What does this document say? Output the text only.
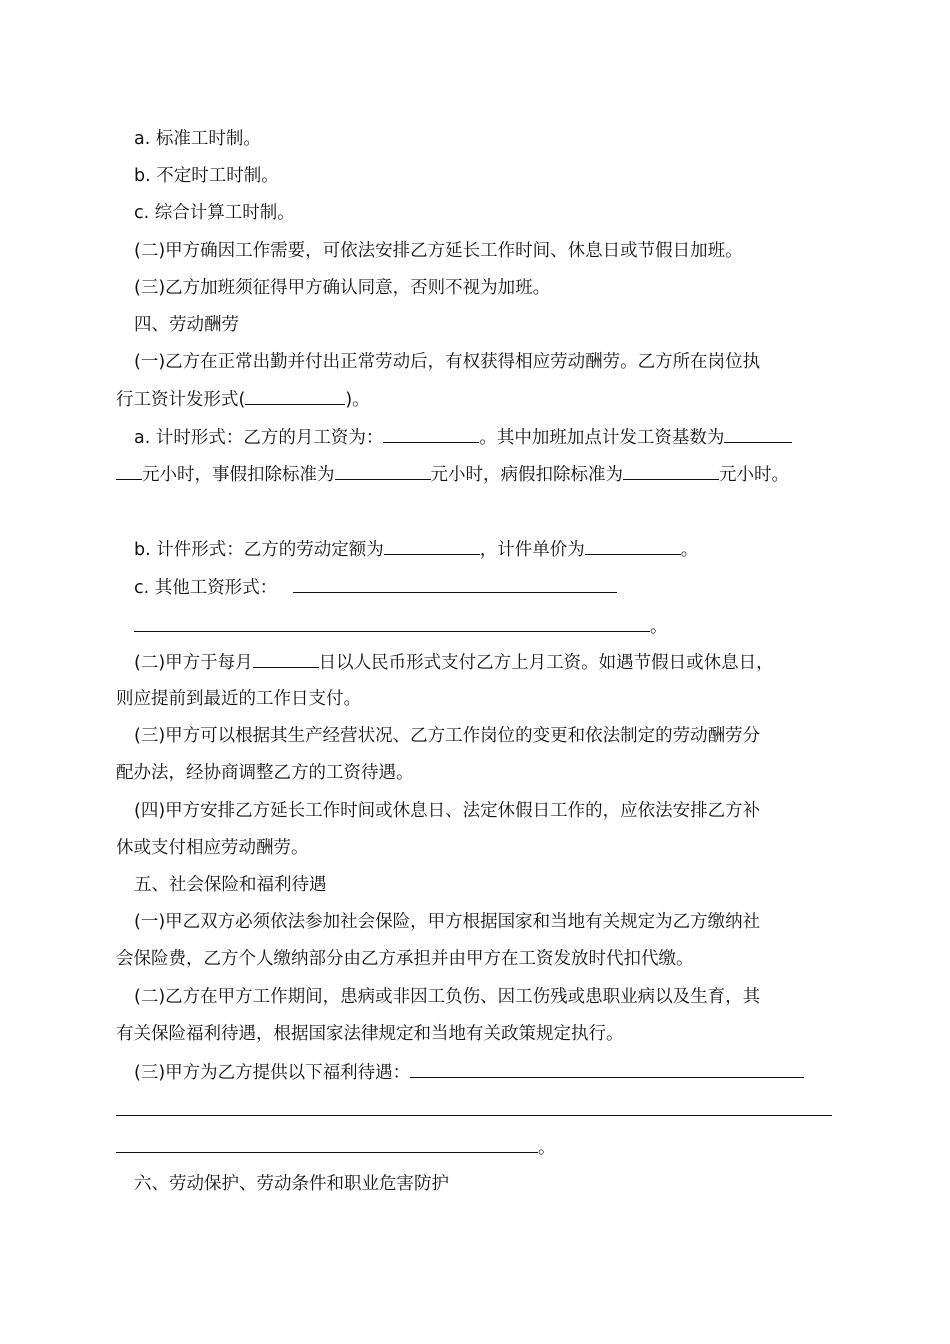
a. 标准工时制。
b. 不定时工时制。
c. 综合计算工时制。
(二)甲方确因工作需要，可依法安排乙方延长工作时间、休息日或节假日加班。
(三)乙方加班须征得甲方确认同意，否则不视为加班。
四、劳动酬劳
(一)乙方在正常出勤并付出正常劳动后，有权获得相应劳动酬劳。乙方所在岗位执
行工资计发形式(	)。
a. 计时形式：乙方的月工资为：	。其中加班加点计发工资基数为
元小时，事假扣除标准为	元小时，病假扣除标准为	元小时。
b. 计件形式：乙方的劳动定额为	，计件单价为	。
c. 其他工资形式：
。
(二)甲方于每月	日以人民币形式支付乙方上月工资。如遇节假日或休息日，
则应提前到最近的工作日支付。
(三)甲方可以根据其生产经营状况、乙方工作岗位的变更和依法制定的劳动酬劳分
配办法，经协商调整乙方的工资待遇。
(四)甲方安排乙方延长工作时间或休息日、法定休假日工作的，应依法安排乙方补
休或支付相应劳动酬劳。
五、社会保险和福利待遇
(一)甲乙双方必须依法参加社会保险，甲方根据国家和当地有关规定为乙方缴纳社
会保险费，乙方个人缴纳部分由乙方承担并由甲方在工资发放时代扣代缴。
(二)乙方在甲方工作期间，患病或非因工负伤、因工伤残或患职业病以及生育，其
有关保险福利待遇，根据国家法律规定和当地有关政策规定执行。
(三)甲方为乙方提供以下福利待遇：
。
六、劳动保护、劳动条件和职业危害防护
